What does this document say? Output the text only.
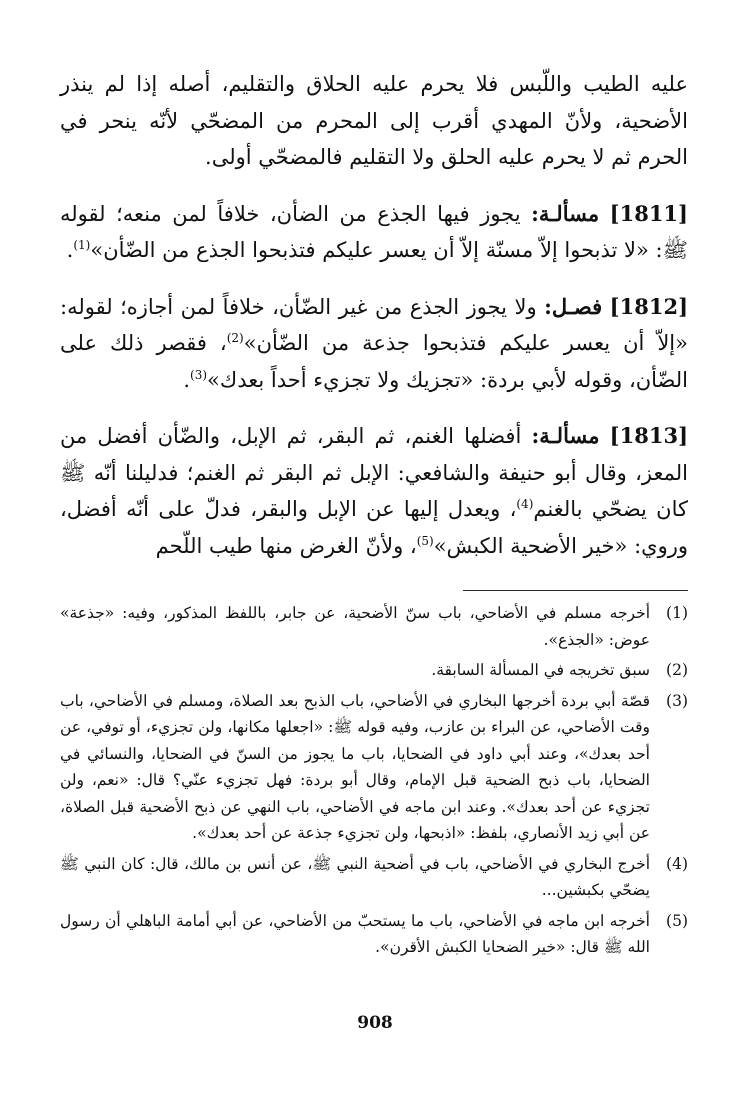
عليه الطيب واللّبس فلا يحرم عليه الحلاق والتقليم، أصله إذا لم ينذر الأضحية، ولأنّ المهدي أقرب إلى المحرم من المضحّي لأنّه ينحر في الحرم ثم لا يحرم عليه الحلق ولا التقليم فالمضحّي أولى.

[1811] مسألـة: يجوز فيها الجذع من الضأن، خلافاً لمن منعه؛ لقوله ﷺ: «لا تذبحوا إلاّ مسنّة إلاّ أن يعسر عليكم فتذبحوا الجذع من الضّأن»$^{(1)}$.

[1812] فصـل: ولا يجوز الجذع من غير الضّأن، خلافاً لمن أجازه؛ لقوله: «إلاّ أن يعسر عليكم فتذبحوا جذعة من الضّأن»$^{(2)}$، فقصر ذلك على الضّأن، وقوله لأبي بردة: «تجزيك ولا تجزيء أحداً بعدك»$^{(3)}$.

[1813] مسألـة: أفضلها الغنم، ثم البقر، ثم الإبل، والضّأن أفضل من المعز، وقال أبو حنيفة والشافعي: الإبل ثم البقر ثم الغنم؛ فدليلنا أنّه ﷺ كان يضحّي بالغنم$^{(4)}$، ويعدل إليها عن الإبل والبقر، فدلّ على أنّه أفضل، وروي: «خير الأضحية الكبش»$^{(5)}$، ولأنّ الغرض منها طيب اللّحم

(1)
أخرجه مسلم في الأضاحي، باب سنّ الأضحية، عن جابر، باللفظ المذكور، وفيه: «جذعة» عوض: «الجذع».
(2)
سبق تخريجه في المسألة السابقة.
(3)
قصّة أبي بردة أخرجها البخاري في الأضاحي، باب الذبح بعد الصلاة، ومسلم في الأضاحي، باب وقت الأضاحي، عن البراء بن عازب، وفيه قوله ﷺ: «اجعلها مكانها، ولن تجزيء، أو توفي، عن أحد بعدك»، وعند أبي داود في الضحايا، باب ما يجوز من السنّ في الضحايا، والنسائي في الضحايا، باب ذبح الضحية قبل الإمام، وقال أبو بردة: فهل تجزيء عنّي؟ قال: «نعم، ولن تجزيء عن أحد بعدك». وعند ابن ماجه في الأضاحي، باب النهي عن ذبح الأضحية قبل الصلاة، عن أبي زيد الأنصاري، بلفظ: «اذبحها، ولن تجزيء جذعة عن أحد بعدك».
(4)
أخرج البخاري في الأضاحي، باب في أضحية النبي ﷺ، عن أنس بن مالك، قال: كان النبي ﷺ يضحّي بكبشين...
(5)
أخرجه ابن ماجه في الأضاحي، باب ما يستحبّ من الأضاحي، عن أبي أمامة الباهلي أن رسول الله ﷺ قال: «خير الضحايا الكبش الأقرن».
908
